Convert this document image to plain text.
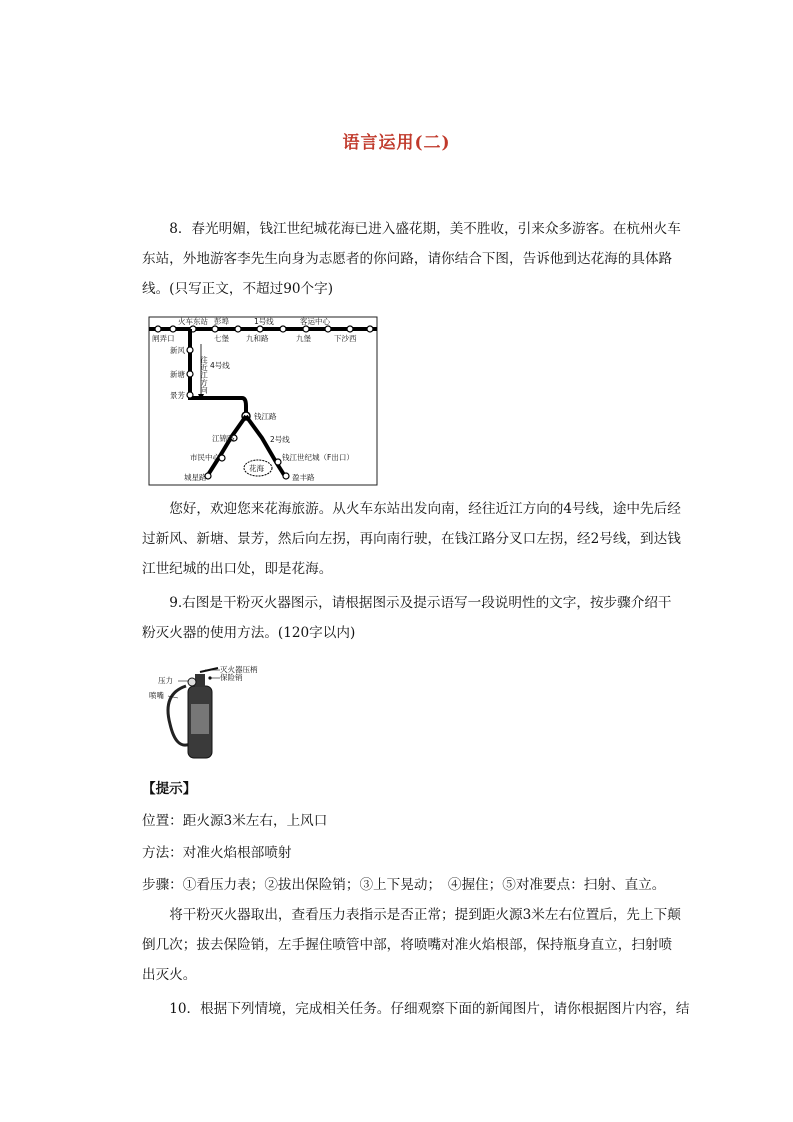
语言运用(二)

8．春光明媚，钱江世纪城花海已进入盛花期，美不胜收，引来众多游客。在杭州火车东站，外地游客李先生向身为志愿者的你问路，请你结合下图，告诉他到达花海的具体路线。(只写正文，不超过90个字)

火车东站 彭埠	1号线	客运中心
闸弄口	七堡 九和路	九堡	下沙西
新风
新塘
景芳
4号线
往近江方向
钱江路
江锦路
市民中心
城星路
2号线
钱江世纪城（F出口）
盈丰路
花海

您好，欢迎您来花海旅游。从火车东站出发向南，经往近江方向的4号线，途中先后经过新风、新塘、景芳，然后向左拐，再向南行驶，在钱江路分叉口左拐，经2号线，到达钱江世纪城的出口处，即是花海。

9.右图是干粉灭火器图示，请根据图示及提示语写一段说明性的文字，按步骤介绍干粉灭火器的使用方法。(120字以内)

灭火器压柄
保险销
压力
喷嘴

【提示】

位置：距火源3米左右，上风口

方法：对准火焰根部喷射

步骤：①看压力表；②拔出保险销；③上下晃动；　④握住；⑤对准要点：扫射、直立。

将干粉灭火器取出，查看压力表指示是否正常；提到距火源3米左右位置后，先上下颠倒几次；拔去保险销，左手握住喷管中部，将喷嘴对准火焰根部，保持瓶身直立，扫射喷出灭火。

10．根据下列情境，完成相关任务。仔细观察下面的新闻图片，请你根据图片内容，结
